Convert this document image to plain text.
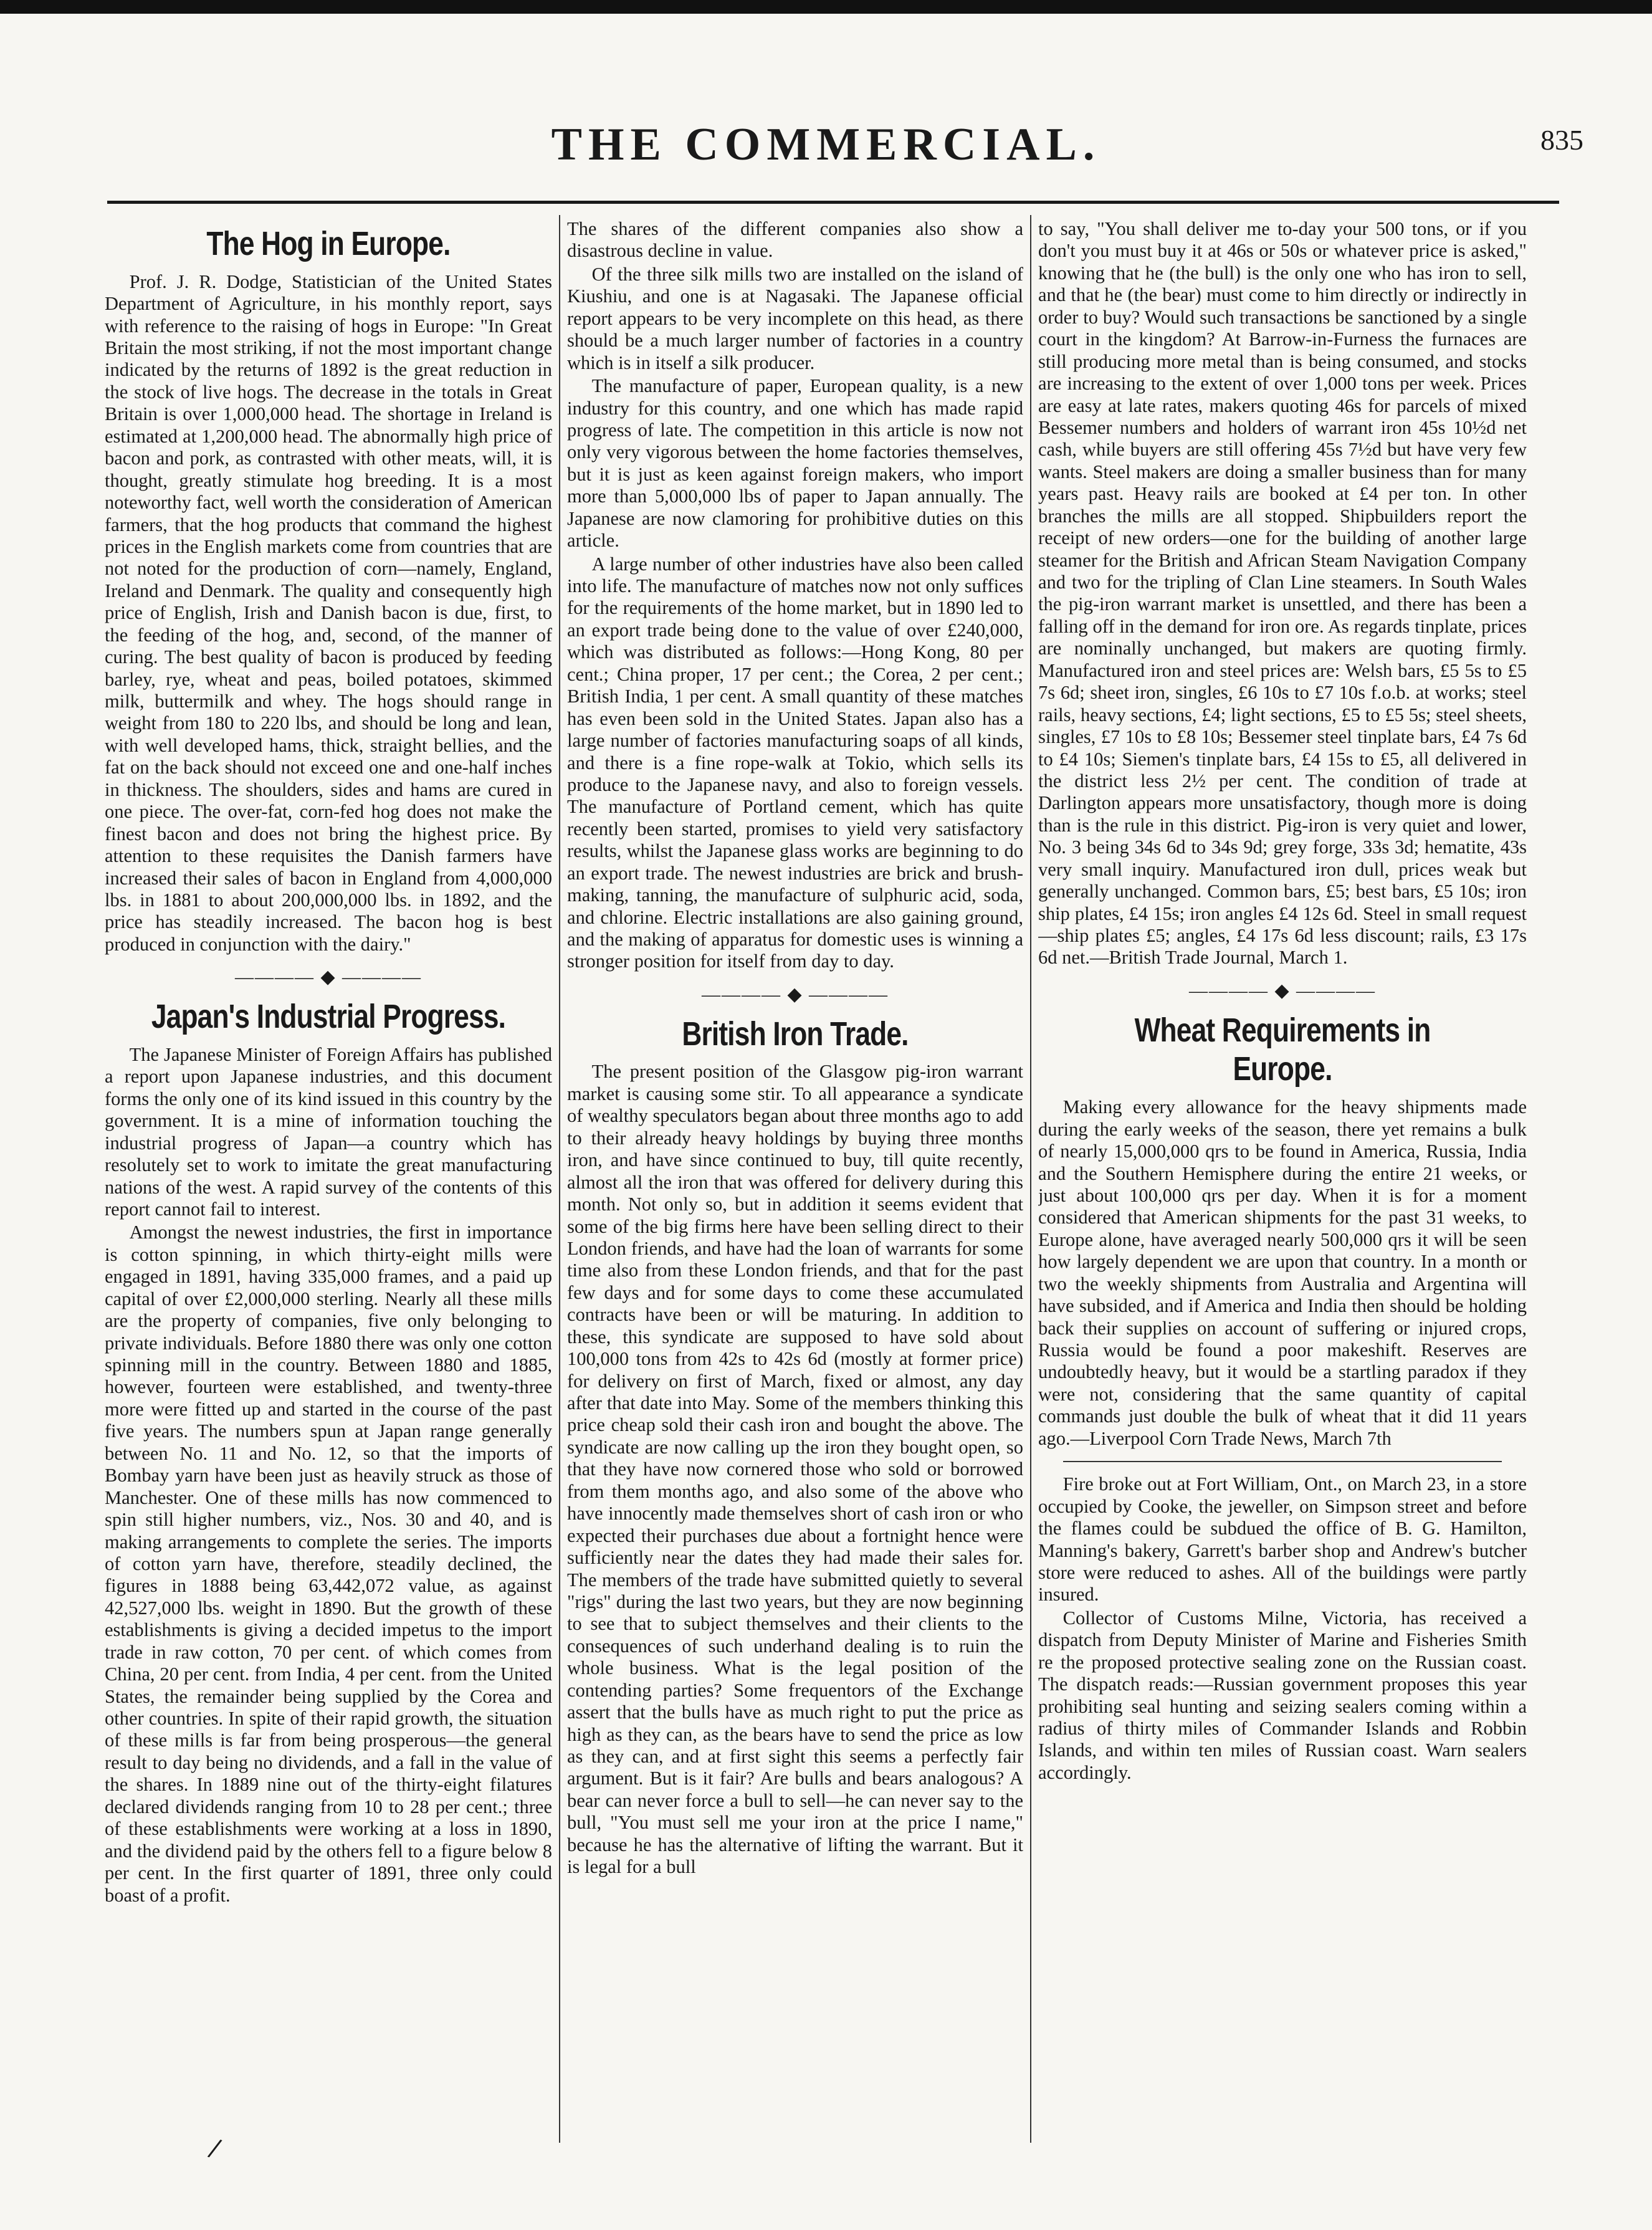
THE COMMERCIAL.	835
The Hog in Europe.

Prof. J. R. Dodge, Statistician of the United States Department of Agriculture, in his monthly report, says with reference to the raising of hogs in Europe: "In Great Britain the most striking, if not the most important change indicated by the returns of 1892 is the great reduction in the stock of live hogs. The decrease in the totals in Great Britain is over 1,000,000 head. The shortage in Ireland is estimated at 1,200,000 head. The abnormally high price of bacon and pork, as contrasted with other meats, will, it is thought, greatly stimulate hog breeding. It is a most noteworthy fact, well worth the consideration of American farmers, that the hog products that command the highest prices in the English markets come from countries that are not noted for the production of corn—namely, England, Ireland and Denmark. The quality and consequently high price of English, Irish and Danish bacon is due, first, to the feeding of the hog, and, second, of the manner of curing. The best quality of bacon is produced by feeding barley, rye, wheat and peas, boiled potatoes, skimmed milk, buttermilk and whey. The hogs should range in weight from 180 to 220 lbs, and should be long and lean, with well developed hams, thick, straight bellies, and the fat on the back should not exceed one and one-half inches in thickness. The shoulders, sides and hams are cured in one piece. The over-fat, corn-fed hog does not make the finest bacon and does not bring the highest price. By attention to these requisites the Danish farmers have increased their sales of bacon in England from 4,000,000 lbs. in 1881 to about 200,000,000 lbs. in 1892, and the price has steadily increased. The bacon hog is best produced in conjunction with the dairy."

———— ◆ ————
Japan's Industrial Progress.

The Japanese Minister of Foreign Affairs has published a report upon Japanese industries, and this document forms the only one of its kind issued in this country by the government. It is a mine of information touching the industrial progress of Japan—a country which has resolutely set to work to imitate the great manufacturing nations of the west. A rapid survey of the contents of this report cannot fail to interest.

Amongst the newest industries, the first in importance is cotton spinning, in which thirty-eight mills were engaged in 1891, having 335,000 frames, and a paid up capital of over £2,000,000 sterling. Nearly all these mills are the property of companies, five only belonging to private individuals. Before 1880 there was only one cotton spinning mill in the country. Between 1880 and 1885, however, fourteen were established, and twenty-three more were fitted up and started in the course of the past five years. The numbers spun at Japan range generally between No. 11 and No. 12, so that the imports of Bombay yarn have been just as heavily struck as those of Manchester. One of these mills has now commenced to spin still higher numbers, viz., Nos. 30 and 40, and is making arrangements to complete the series. The imports of cotton yarn have, therefore, steadily declined, the figures in 1888 being 63,442,072 value, as against 42,527,000 lbs. weight in 1890. But the growth of these establishments is giving a decided impetus to the import trade in raw cotton, 70 per cent. of which comes from China, 20 per cent. from India, 4 per cent. from the United States, the remainder being supplied by the Corea and other countries. In spite of their rapid growth, the situation of these mills is far from being prosperous—the general result to day being no dividends, and a fall in the value of the shares. In 1889 nine out of the thirty-eight filatures declared dividends ranging from 10 to 28 per cent.; three of these establishments were working at a loss in 1890, and the dividend paid by the others fell to a figure below 8 per cent. In the first quarter of 1891, three only could boast of a profit.

The shares of the different companies also show a disastrous decline in value.

Of the three silk mills two are installed on the island of Kiushiu, and one is at Nagasaki. The Japanese official report appears to be very incomplete on this head, as there should be a much larger number of factories in a country which is in itself a silk producer.

The manufacture of paper, European quality, is a new industry for this country, and one which has made rapid progress of late. The competition in this article is now not only very vigorous between the home factories themselves, but it is just as keen against foreign makers, who import more than 5,000,000 lbs of paper to Japan annually. The Japanese are now clamoring for prohibitive duties on this article.

A large number of other industries have also been called into life. The manufacture of matches now not only suffices for the requirements of the home market, but in 1890 led to an export trade being done to the value of over £240,000, which was distributed as follows:—Hong Kong, 80 per cent.; China proper, 17 per cent.; the Corea, 2 per cent.; British India, 1 per cent. A small quantity of these matches has even been sold in the United States. Japan also has a large number of factories manufacturing soaps of all kinds, and there is a fine rope-walk at Tokio, which sells its produce to the Japanese navy, and also to foreign vessels. The manufacture of Portland cement, which has quite recently been started, promises to yield very satisfactory results, whilst the Japanese glass works are beginning to do an export trade. The newest industries are brick and brush-making, tanning, the manufacture of sulphuric acid, soda, and chlorine. Electric installations are also gaining ground, and the making of apparatus for domestic uses is winning a stronger position for itself from day to day.

———— ◆ ————
British Iron Trade.

The present position of the Glasgow pig-iron warrant market is causing some stir. To all appearance a syndicate of wealthy speculators began about three months ago to add to their already heavy holdings by buying three months iron, and have since continued to buy, till quite recently, almost all the iron that was offered for delivery during this month. Not only so, but in addition it seems evident that some of the big firms here have been selling direct to their London friends, and have had the loan of warrants for some time also from these London friends, and that for the past few days and for some days to come these accumulated contracts have been or will be maturing. In addition to these, this syndicate are supposed to have sold about 100,000 tons from 42s to 42s 6d (mostly at former price) for delivery on first of March, fixed or almost, any day after that date into May. Some of the members thinking this price cheap sold their cash iron and bought the above. The syndicate are now calling up the iron they bought open, so that they have now cornered those who sold or borrowed from them months ago, and also some of the above who have innocently made themselves short of cash iron or who expected their purchases due about a fortnight hence were sufficiently near the dates they had made their sales for. The members of the trade have submitted quietly to several "rigs" during the last two years, but they are now beginning to see that to subject themselves and their clients to the consequences of such underhand dealing is to ruin the whole business. What is the legal position of the contending parties? Some frequentors of the Exchange assert that the bulls have as much right to put the price as high as they can, as the bears have to send the price as low as they can, and at first sight this seems a perfectly fair argument. But is it fair? Are bulls and bears analogous? A bear can never force a bull to sell—he can never say to the bull, "You must sell me your iron at the price I name," because he has the alternative of lifting the warrant. But it is legal for a bull

to say, "You shall deliver me to-day your 500 tons, or if you don't you must buy it at 46s or 50s or whatever price is asked," knowing that he (the bull) is the only one who has iron to sell, and that he (the bear) must come to him directly or indirectly in order to buy? Would such transactions be sanctioned by a single court in the kingdom? At Barrow-in-Furness the furnaces are still producing more metal than is being consumed, and stocks are increasing to the extent of over 1,000 tons per week. Prices are easy at late rates, makers quoting 46s for parcels of mixed Bessemer numbers and holders of warrant iron 45s 10½d net cash, while buyers are still offering 45s 7½d but have very few wants. Steel makers are doing a smaller business than for many years past. Heavy rails are booked at £4 per ton. In other branches the mills are all stopped. Shipbuilders report the receipt of new orders—one for the building of another large steamer for the British and African Steam Navigation Company and two for the tripling of Clan Line steamers. In South Wales the pig-iron warrant market is unsettled, and there has been a falling off in the demand for iron ore. As regards tinplate, prices are nominally unchanged, but makers are quoting firmly. Manufactured iron and steel prices are: Welsh bars, £5 5s to £5 7s 6d; sheet iron, singles, £6 10s to £7 10s f.o.b. at works; steel rails, heavy sections, £4; light sections, £5 to £5 5s; steel sheets, singles, £7 10s to £8 10s; Bessemer steel tinplate bars, £4 7s 6d to £4 10s; Siemen's tinplate bars, £4 15s to £5, all delivered in the district less 2½ per cent. The condition of trade at Darlington appears more unsatisfactory, though more is doing than is the rule in this district. Pig-iron is very quiet and lower, No. 3 being 34s 6d to 34s 9d; grey forge, 33s 3d; hematite, 43s very small inquiry. Manufactured iron dull, prices weak but generally unchanged. Common bars, £5; best bars, £5 10s; iron ship plates, £4 15s; iron angles £4 12s 6d. Steel in small request—ship plates £5; angles, £4 17s 6d less discount; rails, £3 17s 6d net.—British Trade Journal, March 1.

———— ◆ ————
Wheat Requirements in Europe.

Making every allowance for the heavy shipments made during the early weeks of the season, there yet remains a bulk of nearly 15,000,000 qrs to be found in America, Russia, India and the Southern Hemisphere during the entire 21 weeks, or just about 100,000 qrs per day. When it is for a moment considered that American shipments for the past 31 weeks, to Europe alone, have averaged nearly 500,000 qrs it will be seen how largely dependent we are upon that country. In a month or two the weekly shipments from Australia and Argentina will have subsided, and if America and India then should be holding back their supplies on account of suffering or injured crops, Russia would be found a poor makeshift. Reserves are undoubtedly heavy, but it would be a startling paradox if they were not, considering that the same quantity of capital commands just double the bulk of wheat that it did 11 years ago.—Liverpool Corn Trade News, March 7th

Fire broke out at Fort William, Ont., on March 23, in a store occupied by Cooke, the jeweller, on Simpson street and before the flames could be subdued the office of B. G. Hamilton, Manning's bakery, Garrett's barber shop and Andrew's butcher store were reduced to ashes. All of the buildings were partly insured.

Collector of Customs Milne, Victoria, has received a dispatch from Deputy Minister of Marine and Fisheries Smith re the proposed protective sealing zone on the Russian coast. The dispatch reads:—Russian government proposes this year prohibiting seal hunting and seizing sealers coming within a radius of thirty miles of Commander Islands and Robbin Islands, and within ten miles of Russian coast. Warn sealers accordingly.

/
